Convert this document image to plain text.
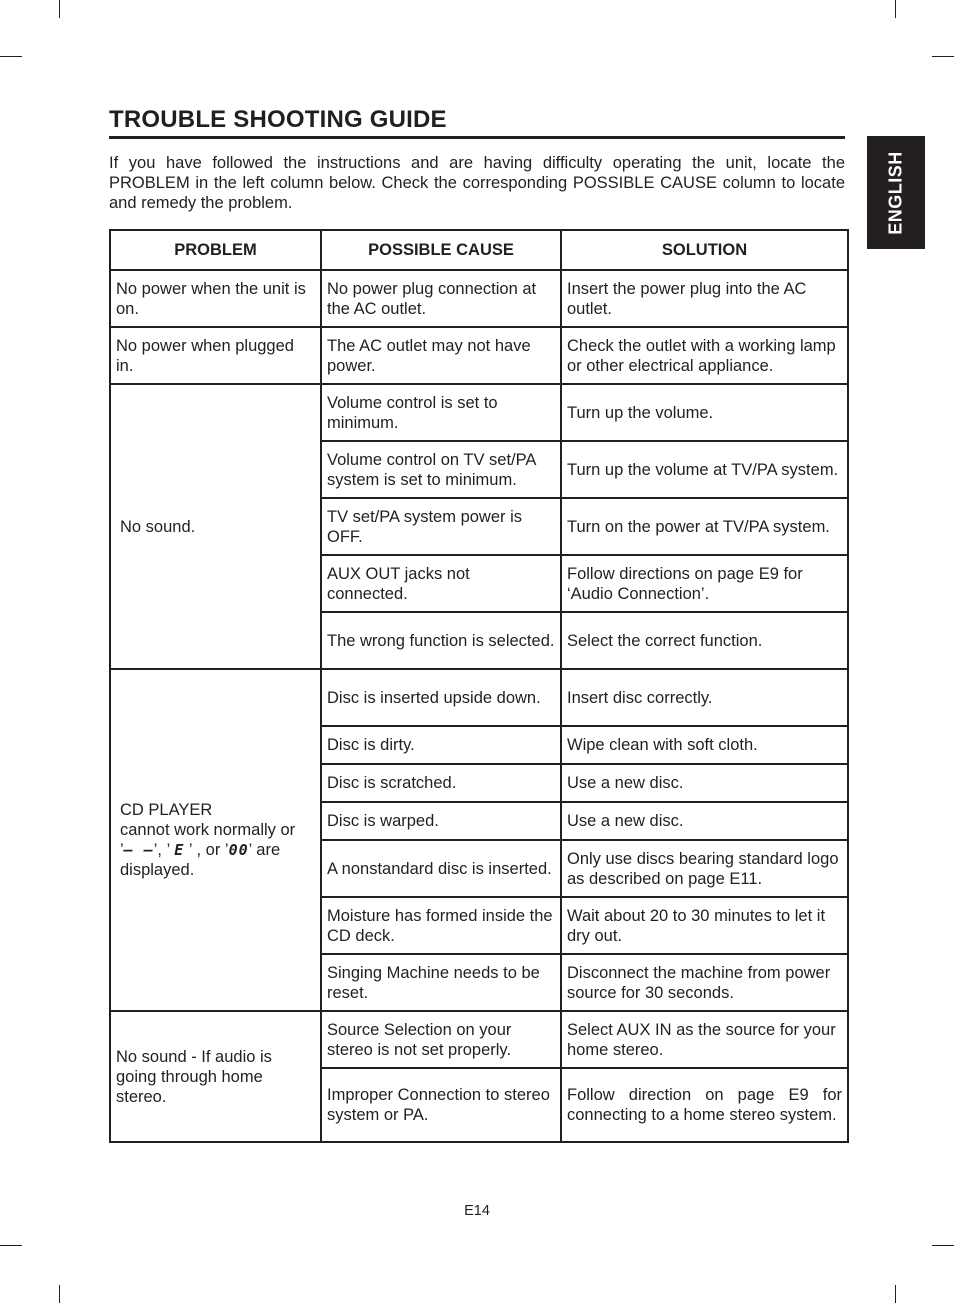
TROUBLE SHOOTING GUIDE
If you have followed the instructions and are having difficulty operating the unit, locate the PROBLEM in the left column below. Check the corresponding POSSIBLE CAUSE column to locate and remedy the problem.	ENGLISH
PROBLEM	POSSIBLE CAUSE	SOLUTION
No power when the unit is on.	No power plug connection at the AC outlet.	Insert the power plug into the AC outlet.
No power when plugged in.	The AC outlet may not have power.	Check the outlet with a working lamp or other electrical appliance.
No sound.	Volume control is set to minimum.	Turn up the volume.
	Volume control on TV set/PA system is set to minimum.	Turn up the volume at TV/PA system.
	TV set/PA system power is OFF.	Turn on the power at TV/PA system.
	AUX OUT jacks not connected.	Follow directions on page E9 for ‘Audio Connection’.
	The wrong function is selected.	Select the correct function.

CD PLAYER
cannot work normally or
’– –’, ’ E ’ , or ’00’ are
displayed.	Disc is inserted upside down.	Insert disc correctly.
	Disc is dirty.	Wipe clean with soft cloth.
	Disc is scratched.	Use a new disc.
	Disc is warped.	Use a new disc.
	A nonstandard disc is inserted.	Only use discs bearing standard logo as described on page E11.
	Moisture has formed inside the CD deck.	Wait about 20 to 30 minutes to let it dry out.
	Singing Machine needs to be reset.	Disconnect the machine from power source for 30 seconds.
No sound - If audio is going through home stereo.	Source Selection on your stereo is not set properly.	Select AUX IN as the source for your home stereo.
	Improper Connection to stereo system or PA.	Follow direction on page E9 for connecting to a home stereo system.
E14
